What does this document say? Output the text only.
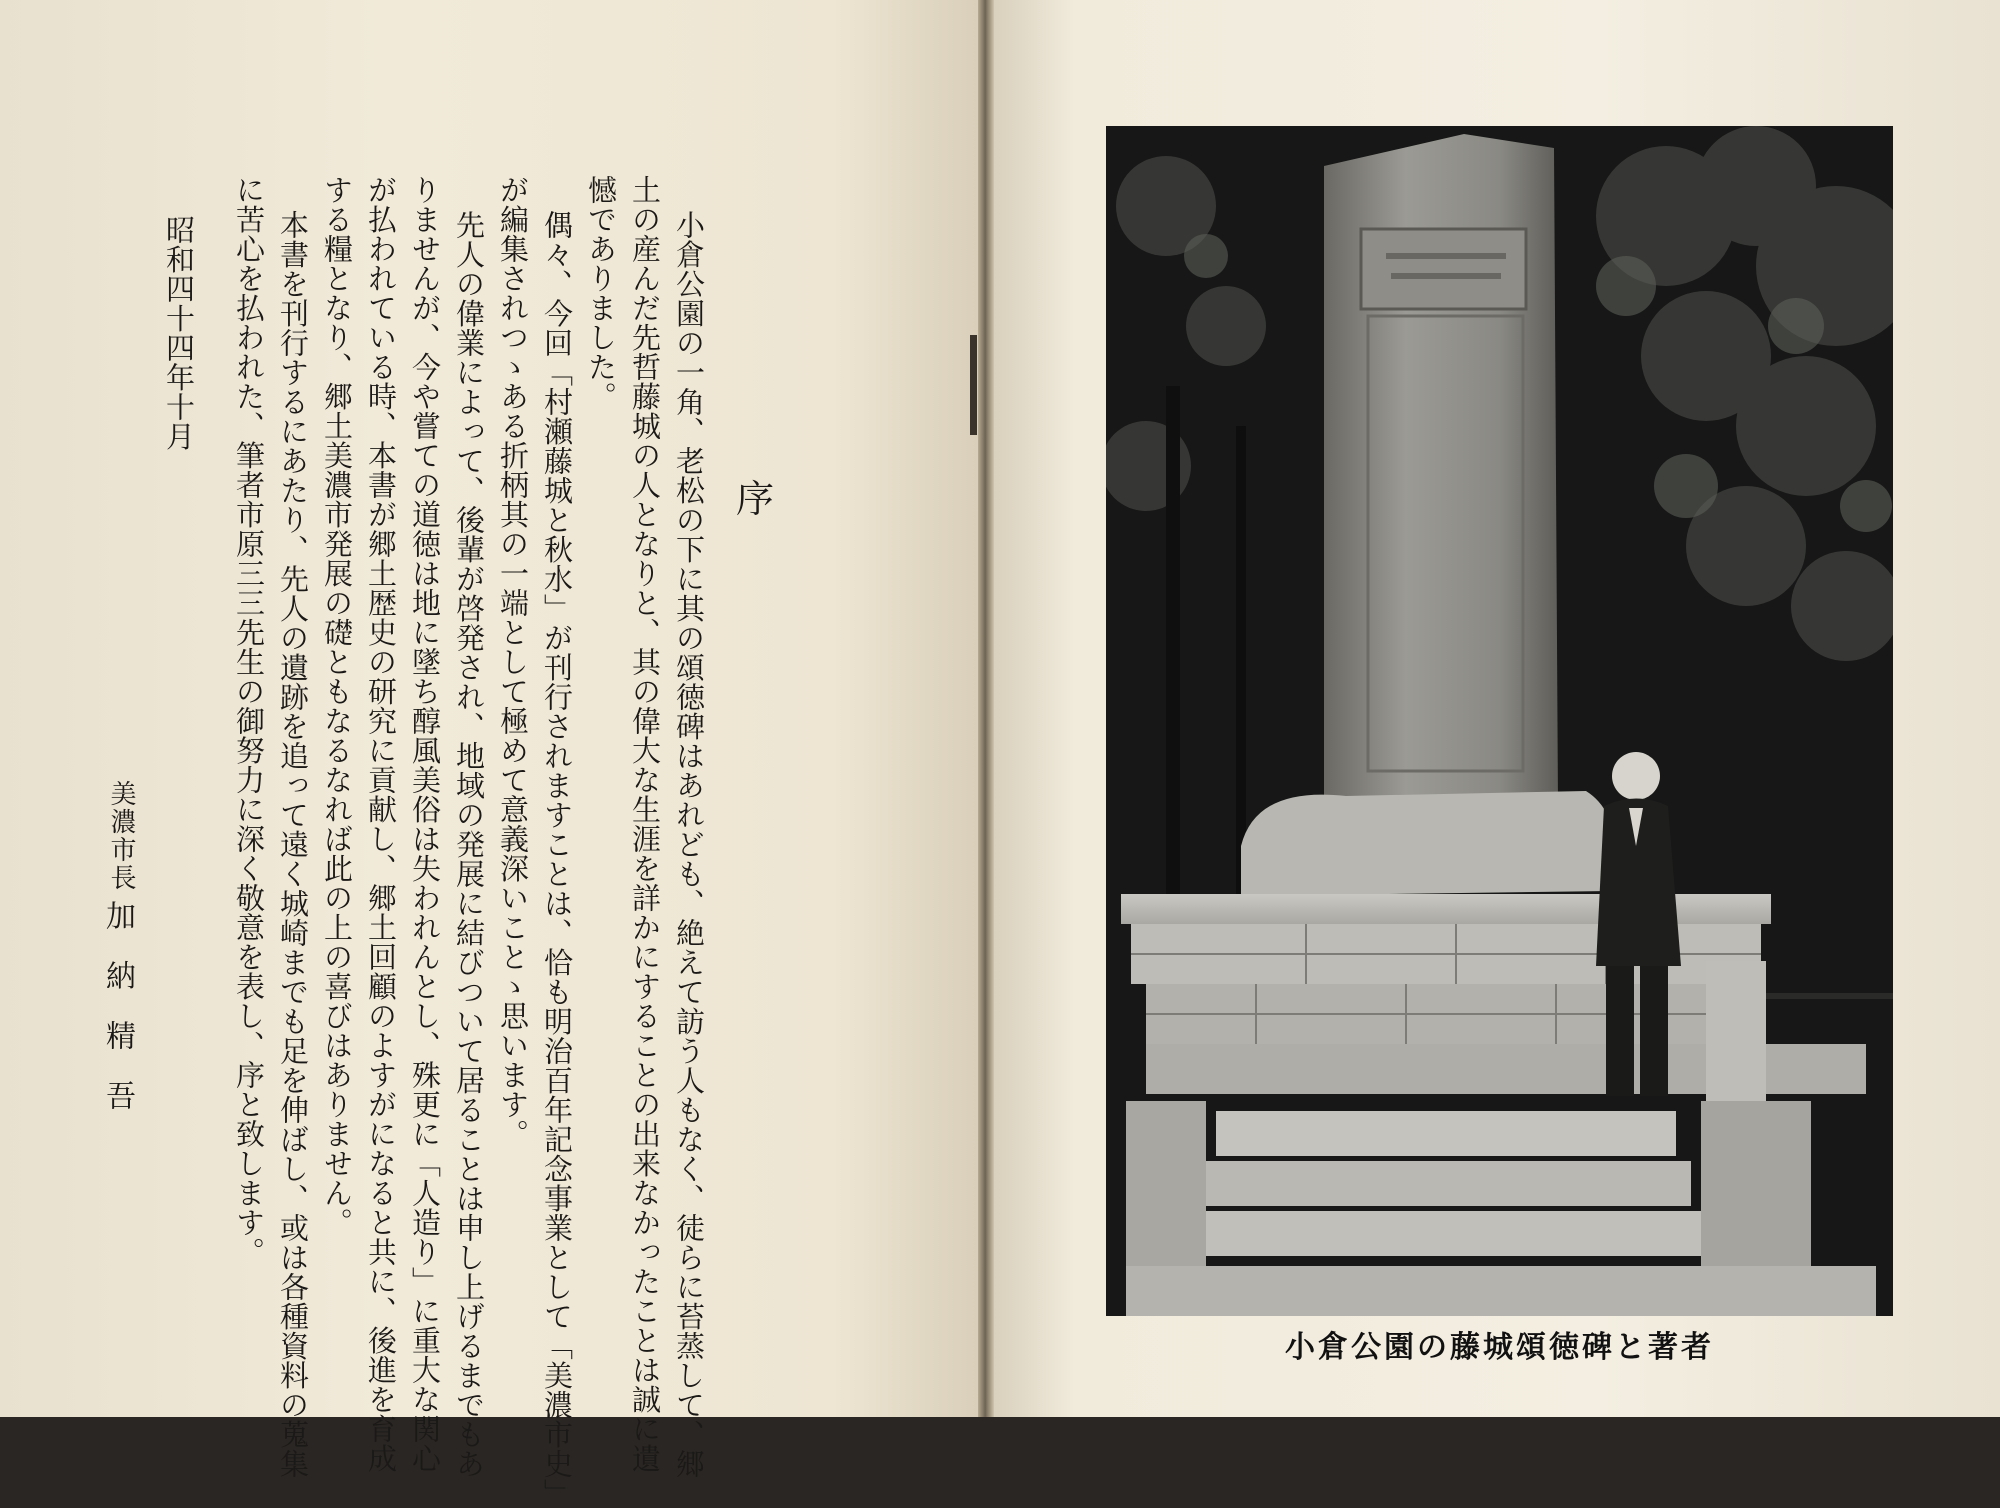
序
小倉公園の一角、老松の下に其の頌徳碑はあれども、絶えて訪う人もなく、徒らに苔蒸して、郷
土の産んだ先哲藤城の人となりと、其の偉大な生涯を詳かにすることの出来なかったことは誠に遺
憾でありました。
偶々、今回「村瀬藤城と秋水」が刊行されますことは、恰も明治百年記念事業として「美濃市史」
が編集されつゝある折柄其の一端として極めて意義深いことゝ思います。
先人の偉業によって、後輩が啓発され、地域の発展に結びついて居ることは申し上げるまでもあ
りませんが、今や嘗ての道徳は地に墜ち醇風美俗は失われんとし、殊更に「人造り」に重大な関心
が払われている時、本書が郷土歴史の研究に貢献し、郷土回顧のよすがになると共に、後進を育成
する糧となり、郷土美濃市発展の礎ともなるなれば此の上の喜びはありません。
本書を刊行するにあたり、先人の遺跡を追って遠く城崎までも足を伸ばし、或は各種資料の蒐集
に苦心を払われた、筆者市原三三先生の御努力に深く敬意を表し、序と致します。
昭和四十四年十月
美濃市長
加納精吾
小倉公園の藤城頌徳碑と著者
